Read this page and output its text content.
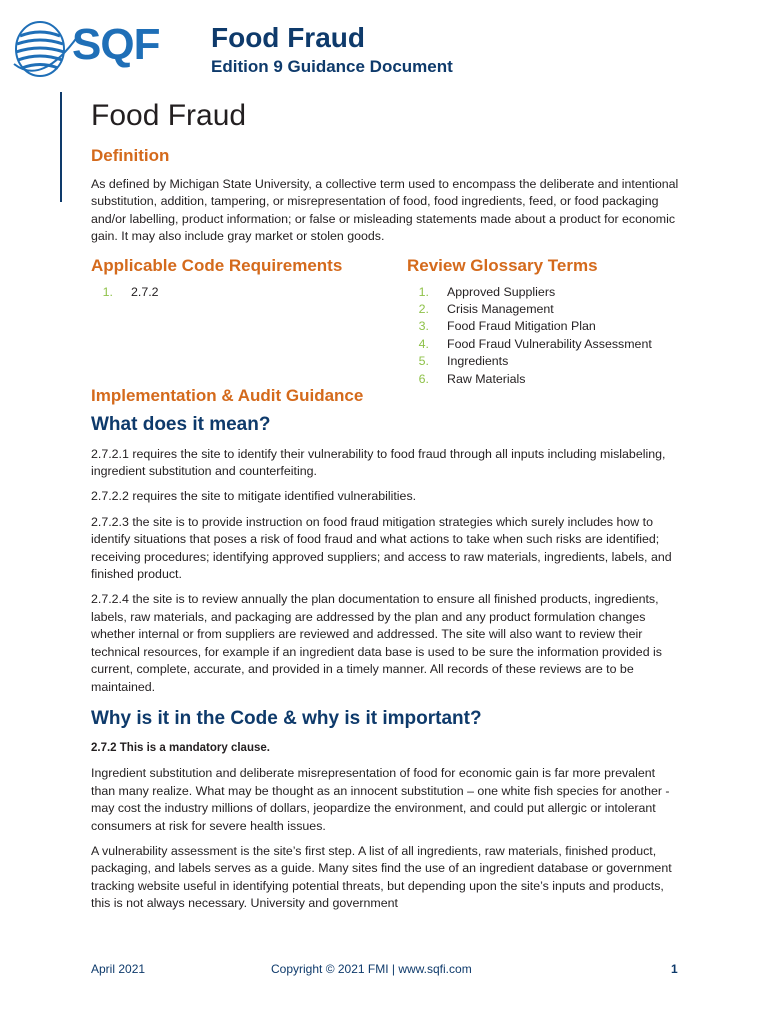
SQF Food Fraud
Edition 9 Guidance Document
Food Fraud
Definition

As defined by Michigan State University, a collective term used to encompass the deliberate and intentional substitution, addition, tampering, or misrepresentation of food, food ingredients, feed, or food packaging and/or labelling, product information; or false or misleading statements made about a product for economic gain. It may also include gray market or stolen goods.

Applicable Code Requirements
1. 2.7.2
Review Glossary Terms
1. Approved Suppliers
2. Crisis Management
3. Food Fraud Mitigation Plan
4. Food Fraud Vulnerability Assessment
5. Ingredients
6. Raw Materials
Implementation & Audit Guidance
What does it mean?

2.7.2.1 requires the site to identify their vulnerability to food fraud through all inputs including mislabeling, ingredient substitution and counterfeiting.

2.7.2.2 requires the site to mitigate identified vulnerabilities.

2.7.2.3 the site is to provide instruction on food fraud mitigation strategies which surely includes how to identify situations that poses a risk of food fraud and what actions to take when such risks are identified; receiving procedures; identifying approved suppliers; and access to raw materials, ingredients, labels, and finished product.

2.7.2.4 the site is to review annually the plan documentation to ensure all finished products, ingredients, labels, raw materials, and packaging are addressed by the plan and any product formulation changes whether internal or from suppliers are reviewed and addressed. The site will also want to review their technical resources, for example if an ingredient data base is used to be sure the information provided is current, complete, accurate, and provided in a timely manner. All records of these reviews are to be maintained.

Why is it in the Code & why is it important?

2.7.2 This is a mandatory clause.

Ingredient substitution and deliberate misrepresentation of food for economic gain is far more prevalent than many realize. What may be thought as an innocent substitution – one white fish species for another - may cost the industry millions of dollars, jeopardize the environment, and could put allergic or intolerant consumers at risk for severe health issues.

A vulnerability assessment is the site’s first step. A list of all ingredients, raw materials, finished product, packaging, and labels serves as a guide. Many sites find the use of an ingredient database or government tracking website useful in identifying potential threats, but depending upon the site’s inputs and products, this is not always necessary. University and government

April 2021	Copyright © 2021 FMI | www.sqfi.com	1
